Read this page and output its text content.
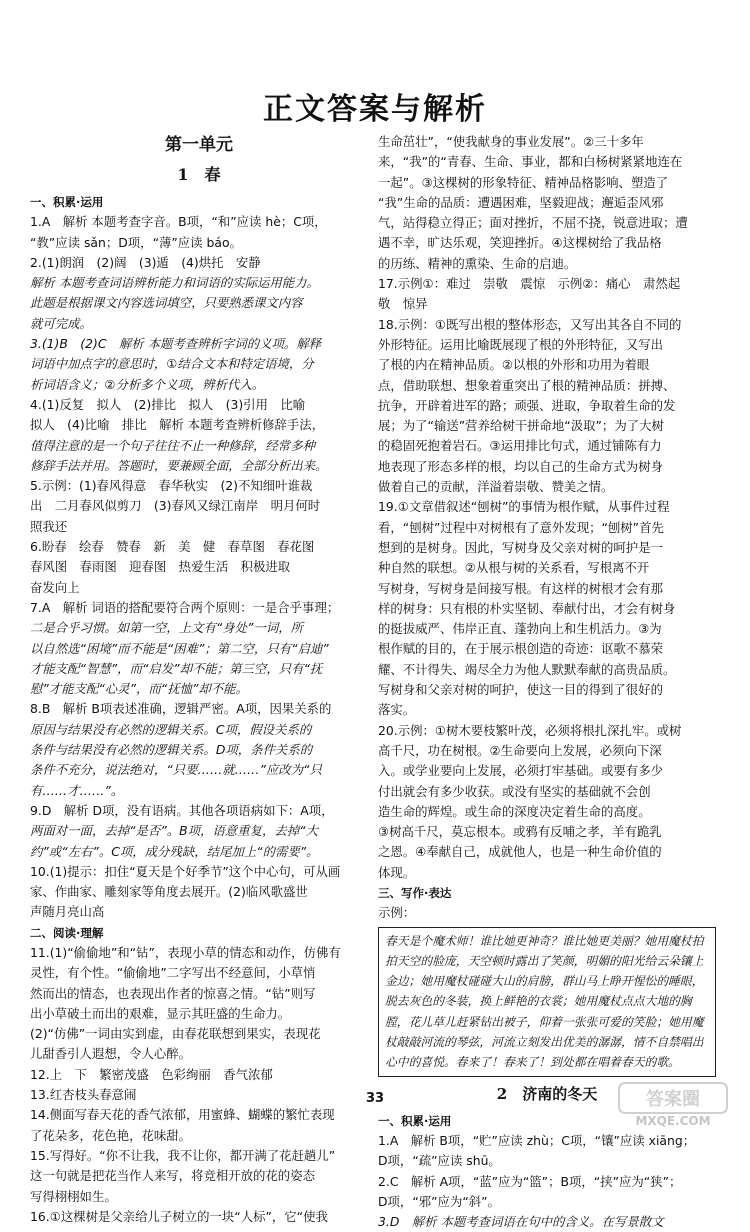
正文答案与解析
第一单元
1　春

一、积累·运用

1.A　解析 本题考查字音。B项，“和”应读 hè；C项，

“教”应读 sǎn；D项，“薄”应读 báo。

2.(1)朗润　(2)阔　(3)遁　(4)烘托　安静

解析 本题考查词语辨析能力和词语的实际运用能力。

此题是根据课文内容选词填空，只要熟悉课文内容

就可完成。

3.(1)B　(2)C　解析 本题考查辨析字词的义项。解释

词语中加点字的意思时，①结合文本和特定语境，分

析词语含义；②分析多个义项，辨析代入。

4.(1)反复　拟人　(2)排比　拟人　(3)引用　比喻

拟人　(4)比喻　排比　解析 本题考查辨析修辞手法，

值得注意的是一个句子往往不止一种修辞，经常多种

修辞手法并用。答题时，要兼顾全面，全部分析出来。

5.示例：(1)春风得意　春华秋实　(2)不知细叶谁裁

出　二月春风似剪刀　(3)春风又绿江南岸　明月何时

照我还

6.盼春　绘春　赞春　新　美　健　春草图　春花图

春风图　春雨图　迎春图　热爱生活　积极进取

奋发向上

7.A　解析 词语的搭配要符合两个原则：一是合乎事理；

二是合乎习惯。如第一空，上文有“身处”一词，所

以自然选“困境”而不能是“困难”；第二空，只有“启迪”

才能支配“智慧”，而“启发”却不能；第三空，只有“抚

慰”才能支配“心灵”，而“抚恤”却不能。

8.B　解析 B项表述准确，逻辑严密。A项，因果关系的

原因与结果没有必然的逻辑关系。C项，假设关系的

条件与结果没有必然的逻辑关系。D项，条件关系的

条件不充分，说法绝对，“只要……就……”应改为“只

有……才……”。

9.D　解析 D项，没有语病。其他各项语病如下：A项，

两面对一面，去掉“是否”。B项，语意重复，去掉“大

约”或“左右”。C项，成分残缺，结尾加上“的需要”。

10.(1)提示：扣住“夏天是个好季节”这个中心句，可从画

家、作曲家、雕刻家等角度去展开。(2)临风歌盛世

声随月亮山高

二、阅读·理解

11.(1)“偷偷地”和“钻”，表现小草的情态和动作，仿佛有

灵性，有个性。“偷偷地”二字写出不经意间，小草悄

然而出的情态，也表现出作者的惊喜之情。“钻”则写

出小草破土而出的艰难，显示其旺盛的生命力。

(2)“仿佛”一词由实到虚，由春花联想到果实，表现花

儿甜香引人遐想，令人心醉。

12.上　下　繁密茂盛　色彩绚丽　香气浓郁

13.红杏枝头春意闹

14.侧面写春天花的香气浓郁，用蜜蜂、蝴蝶的繁忙表现

了花朵多，花色艳，花味甜。

15.写得好。“你不让我，我不让你，都开满了花赶趟儿”

这一句就是把花当作人来写，将竞相开放的花的姿态

写得栩栩如生。

16.①这棵树是父亲给儿子树立的一块“人标”，它“使我

生命茁壮”，“使我献身的事业发展”。②三十多年

来，“我”的“青春、生命、事业，都和白杨树紧紧地连在

一起”。③这棵树的形象特征、精神品格影响、塑造了

“我”生命的品质：遭遇困难，坚毅迎战；邂逅歪风邪

气，站得稳立得正；面对挫折，不屈不挠，锐意进取；遭

遇不幸，旷达乐观，笑迎挫折。④这棵树给了我品格

的历练、精神的熏染、生命的启迪。

17.示例①：难过　崇敬　震惊　示例②：痛心　肃然起

敬　惊异

18.示例：①既写出根的整体形态，又写出其各自不同的

外形特征。运用比喻既展现了根的外形特征，又写出

了根的内在精神品质。②以根的外形和功用为着眼

点，借助联想、想象着重突出了根的精神品质：拼搏、

抗争，开辟着进军的路；顽强、进取，争取着生命的发

展；为了“输送”营养给树干拼命地“汲取”；为了大树

的稳固死抱着岩石。③运用排比句式，通过铺陈有力

地表现了形态多样的根，均以自己的生命方式为树身

做着自己的贡献，洋溢着崇敬、赞美之情。

19.①文章借叙述“刨树”的事情为根作赋，从事件过程

看，“刨树”过程中对树根有了意外发现；“刨树”首先

想到的是树身。因此，写树身及父亲对树的呵护是一

种自然的联想。②从根与树的关系看，写根离不开

写树身，写树身是间接写根。有这样的树根才会有那

样的树身：只有根的朴实坚韧、奉献付出，才会有树身

的挺拔威严、伟岸正直、蓬勃向上和生机活力。③为

根作赋的目的，在于展示根创造的奇迹：讴歌不慕荣

耀、不计得失、竭尽全力为他人默默奉献的高贵品质。

写树身和父亲对树的呵护，使这一目的得到了很好的

落实。

20.示例：①树木要枝繁叶茂，必须将根扎深扎牢。或树

高千尺，功在树根。②生命要向上发展，必须向下深

入。或学业要向上发展，必须打牢基础。或要有多少

付出就会有多少收获。或没有坚实的基础就不会创

造生命的辉煌。或生命的深度决定着生命的高度。

③树高千尺，莫忘根本。或鸦有反哺之孝，羊有跪乳

之恩。④奉献自己，成就他人，也是一种生命价值的

体现。

三、写作·表达

示例：

春天是个魔术师！谁比她更神奇？谁比她更美丽？她用魔杖拍拍天空的脸庞，天空顿时露出了笑颜，明媚的阳光给云朵镶上金边；她用魔杖碰碰大山的肩膀，群山马上睁开惺忪的睡眼，脱去灰色的冬装，换上鲜艳的衣裳；她用魔杖点点大地的胸膛，花儿草儿赶紧钻出被子，仰着一张张可爱的笑脸；她用魔杖敲敲河流的琴弦，河流立刻发出优美的潺潺，情不自禁唱出心中的喜悦。春来了！春来了！到处都在唱着春天的歌。
2　济南的冬天

一、积累·运用

1.A　解析 B项，“贮”应读 zhù；C项，“镶”应读 xiāng；

D项，“疏”应读 shū。

2.C　解析 A项，“蓝”应为“篮”；B项，“挟”应为“狭”；

D项，“邪”应为“斜”。

3.D　解析 本题考查词语在句中的含义。在写景散文

33	答案圈
MXQE.COM
